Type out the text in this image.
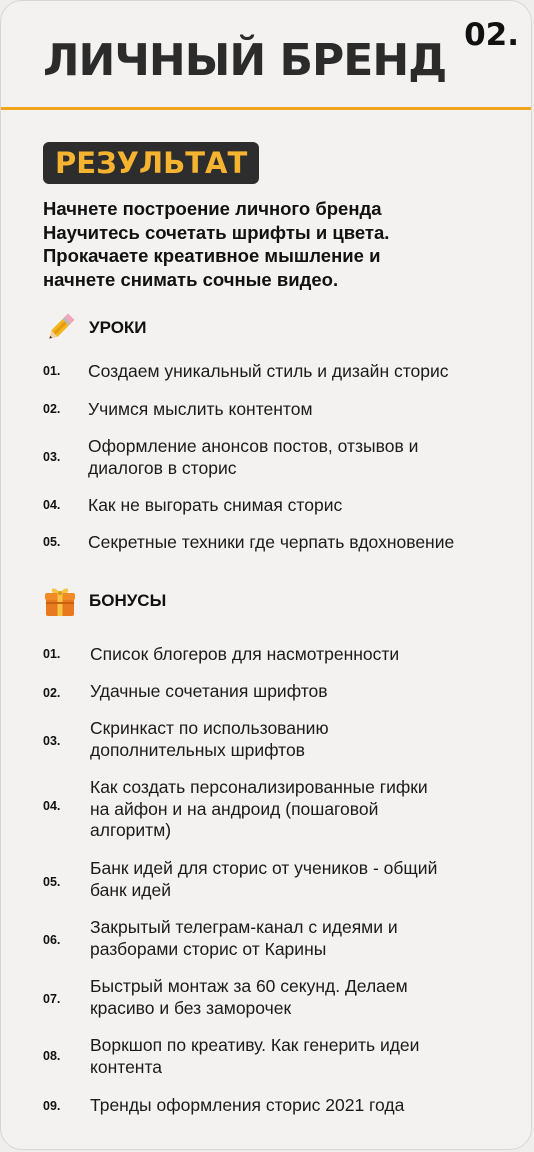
ЛИЧНЫЙ БРЕНД 02.
РЕЗУЛЬТАТ
Начнете построение личного бренда
Научитесь сочетать шрифты и цвета.
Прокачаете креативное мышление и
начнете снимать сочные видео.
УРОКИ
01. Создаем уникальный стиль и дизайн сторис
02. Учимся мыслить контентом
03.
Оформление анонсов постов, отзывов и
диалогов в сторис
04. Как не выгорать снимая сторис
05. Секретные техники где черпать вдохновение
БОНУСЫ
01. Список блогеров для насмотренности
02. Удачные сочетания шрифтов
03.
Скринкаст по использованию
дополнительных шрифтов
04.
Как создать персонализированные гифки
на айфон и на андроид (пошаговой
алгоритм)
05.
Банк идей для сторис от учеников - общий
банк идей
06.
Закрытый телеграм-канал с идеями и
разборами сторис от Карины
07.
Быстрый монтаж за 60 секунд. Делаем
красиво и без заморочек
08.
Воркшоп по креативу. Как генерить идеи
контента
09. Тренды оформления сторис 2021 года
